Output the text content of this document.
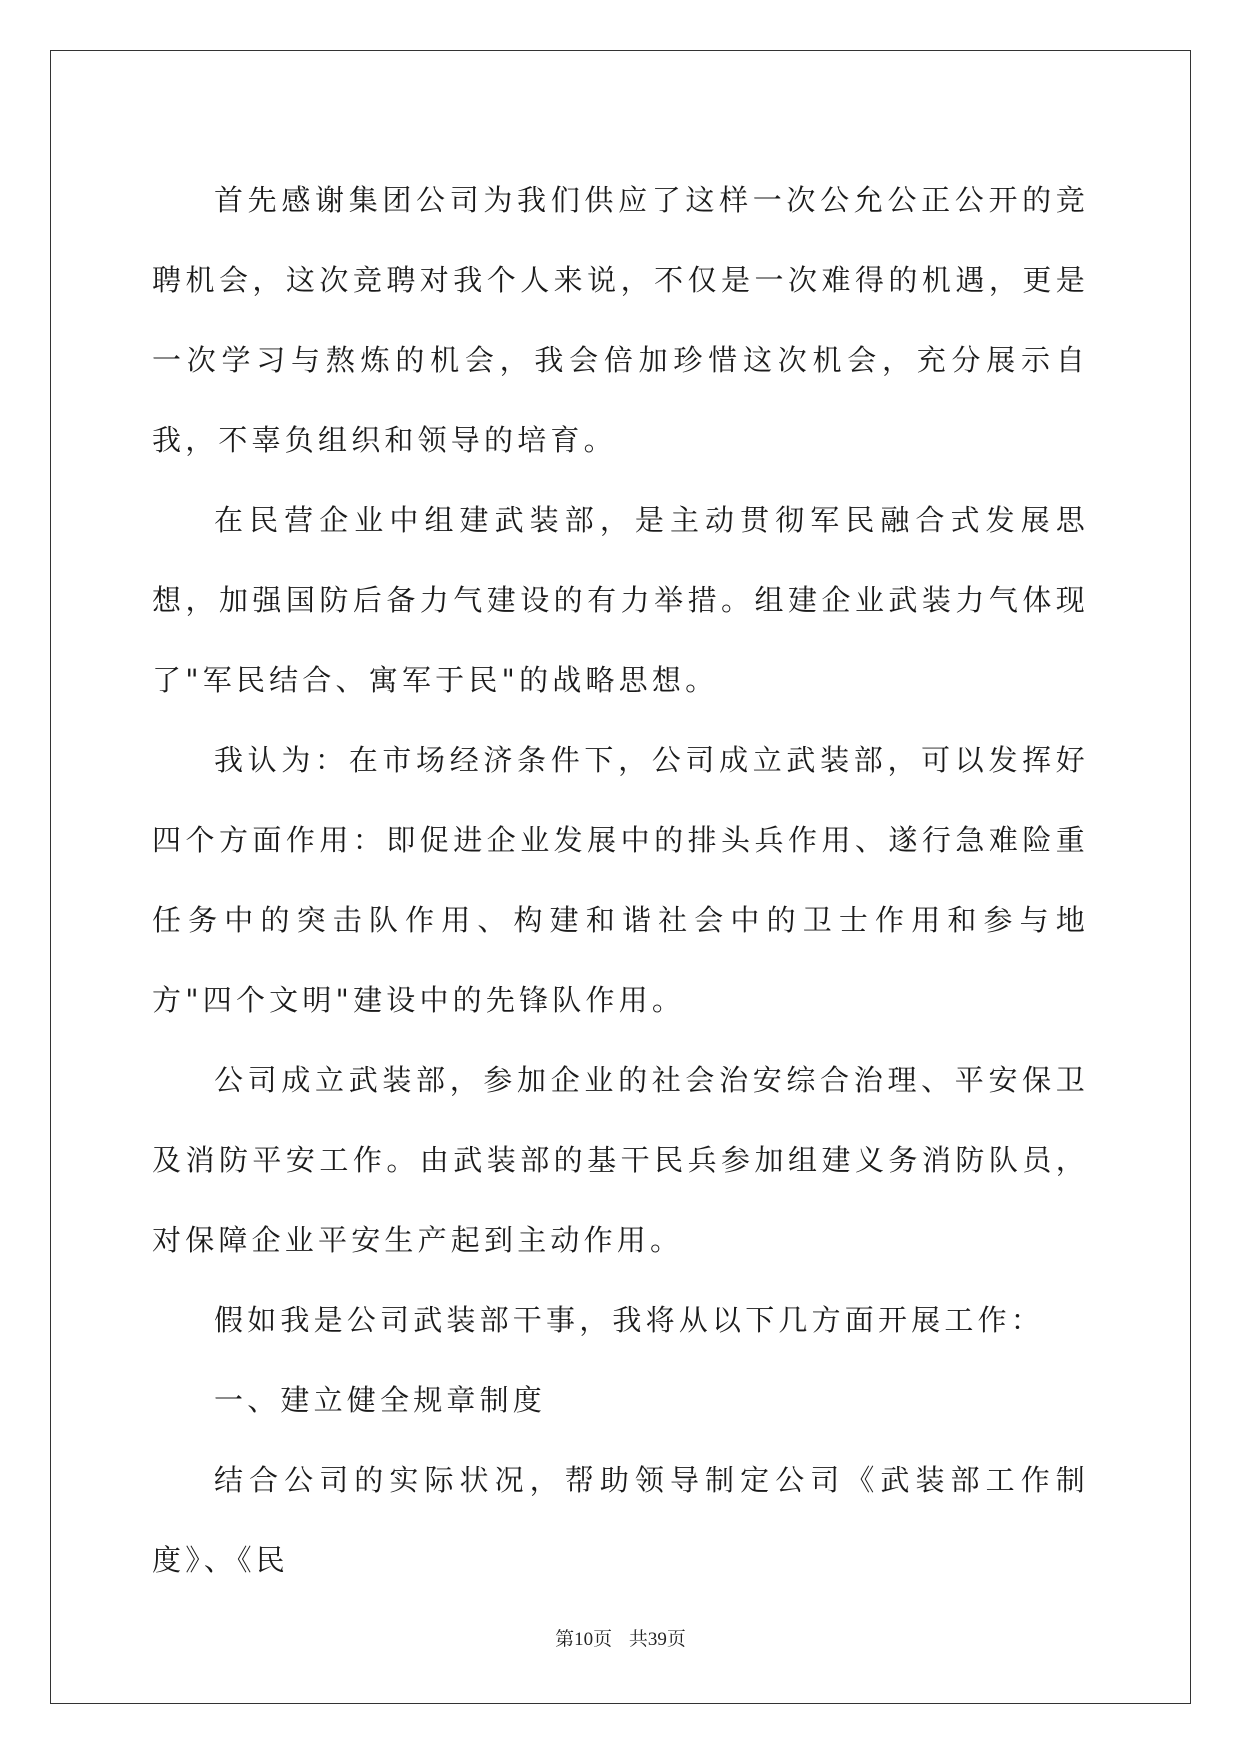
首先感谢集团公司为我们供应了这样一次公允公正公开的竞聘机会，这次竞聘对我个人来说，不仅是一次难得的机遇，更是一次学习与熬炼的机会，我会倍加珍惜这次机会，充分展示自我，不辜负组织和领导的培育。

在民营企业中组建武装部，是主动贯彻军民融合式发展思想，加强国防后备力气建设的有力举措。组建企业武装力气体现了"军民结合、寓军于民"的战略思想。

我认为：在市场经济条件下，公司成立武装部，可以发挥好四个方面作用：即促进企业发展中的排头兵作用、遂行急难险重任务中的突击队作用、构建和谐社会中的卫士作用和参与地方"四个文明"建设中的先锋队作用。

公司成立武装部，参加企业的社会治安综合治理、平安保卫及消防平安工作。由武装部的基干民兵参加组建义务消防队员，对保障企业平安生产起到主动作用。

假如我是公司武装部干事，我将从以下几方面开展工作：

一、建立健全规章制度

结合公司的实际状况，帮助领导制定公司《武装部工作制度》、《民

第10页 共39页
